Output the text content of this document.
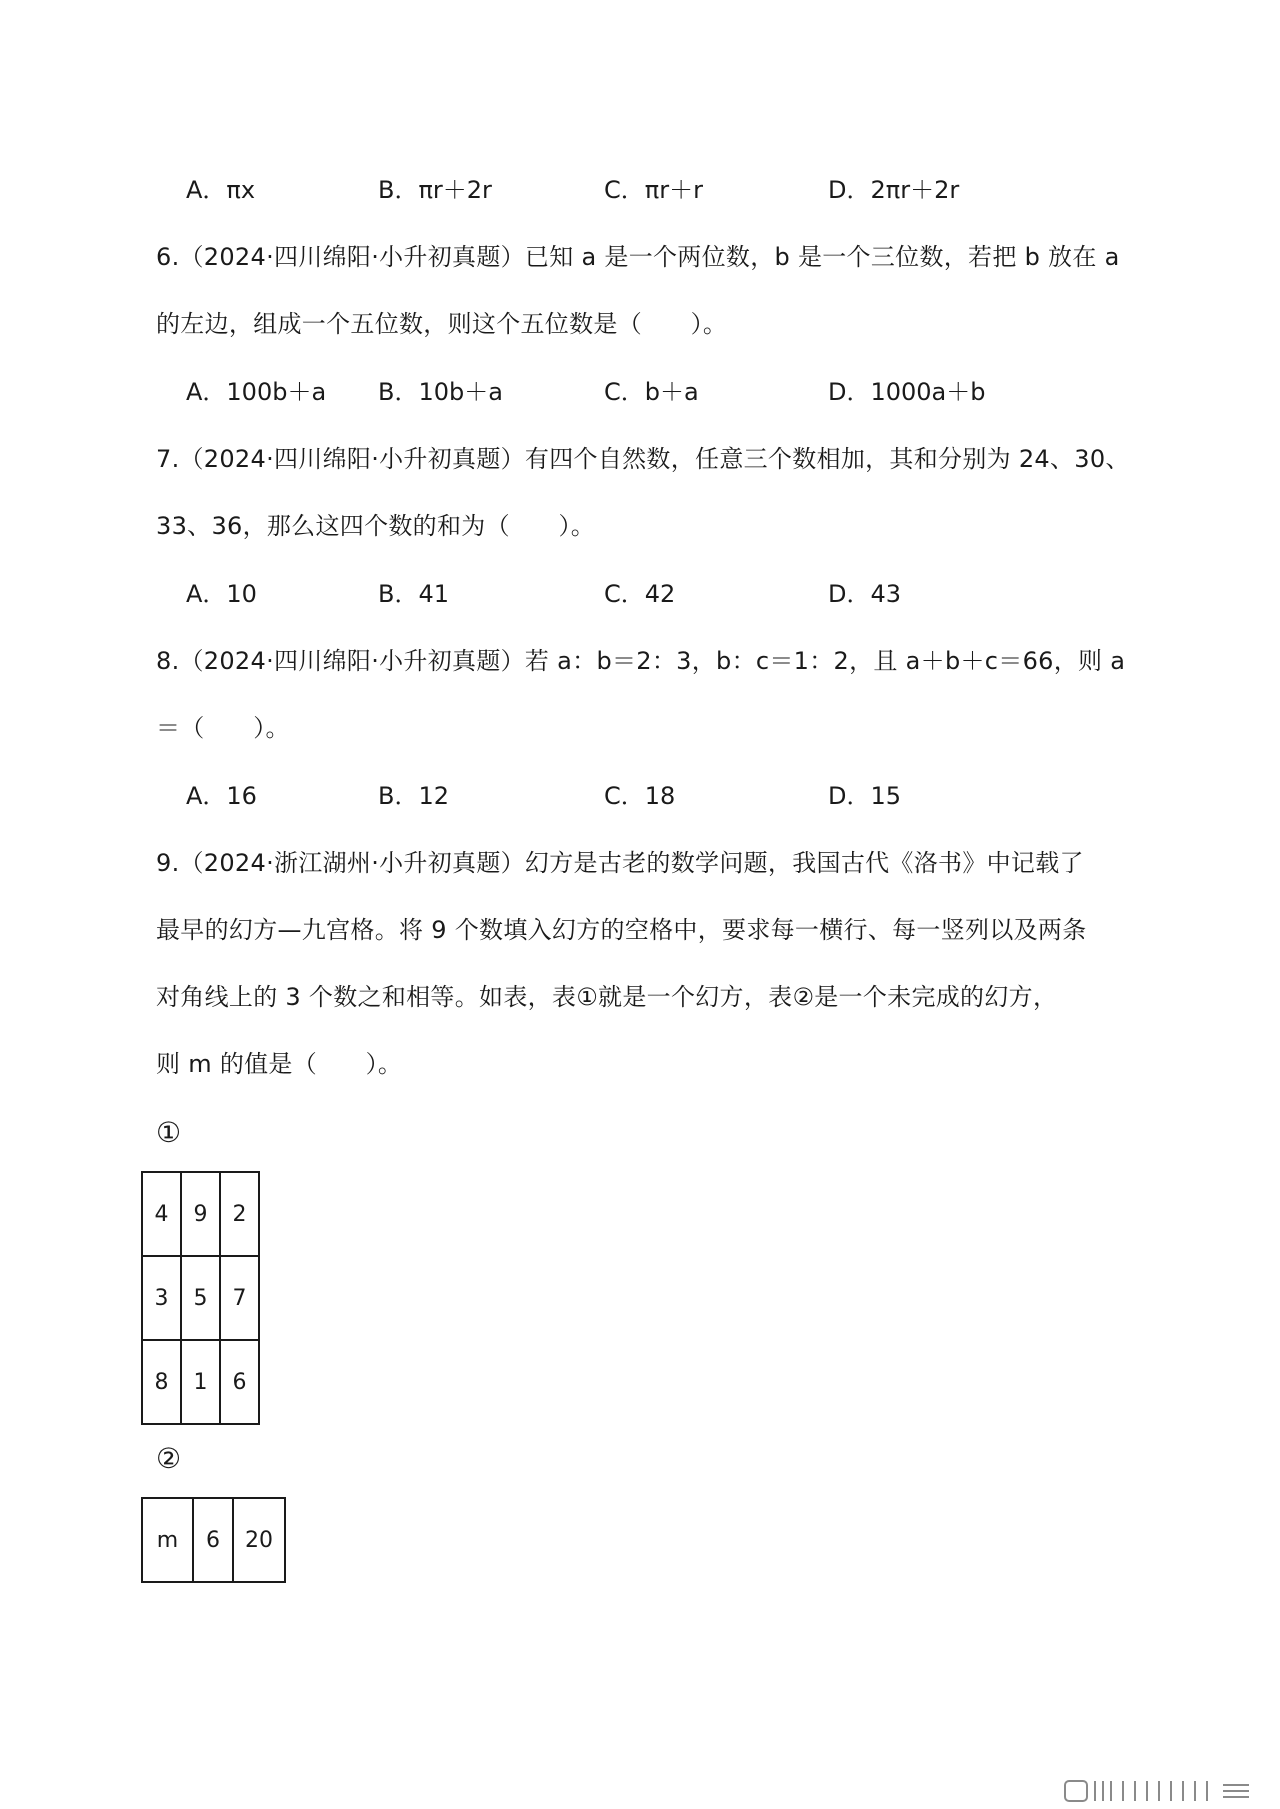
A．πx	B．πr＋2r	C．πr＋r	D．2πr＋2r
6.（2024·四川绵阳·小升初真题）已知 a 是一个两位数，b 是一个三位数，若把 b 放在 a
的左边，组成一个五位数，则这个五位数是（　　）。
A．100b＋a B．10b＋a	C．b＋a	D．1000a＋b
7.（2024·四川绵阳·小升初真题）有四个自然数，任意三个数相加，其和分别为 24、30、
33、36，那么这四个数的和为（　　）。
A．10	B．41	C．42	D．43
8.（2024·四川绵阳·小升初真题）若 a：b＝2：3，b：c＝1：2，且 a＋b＋c＝66，则 a
＝（　　）。
A．16	B．12	C．18	D．15
9.（2024·浙江湖州·小升初真题）幻方是古老的数学问题，我国古代《洛书》中记载了
最早的幻方—九宫格。将 9 个数填入幻方的空格中，要求每一横行、每一竖列以及两条
对角线上的 3 个数之和相等。如表，表①就是一个幻方，表②是一个未完成的幻方，
则 m 的值是（　　）。
①
4	9	2
3	5	7
8	1	6
②
m	6	20
